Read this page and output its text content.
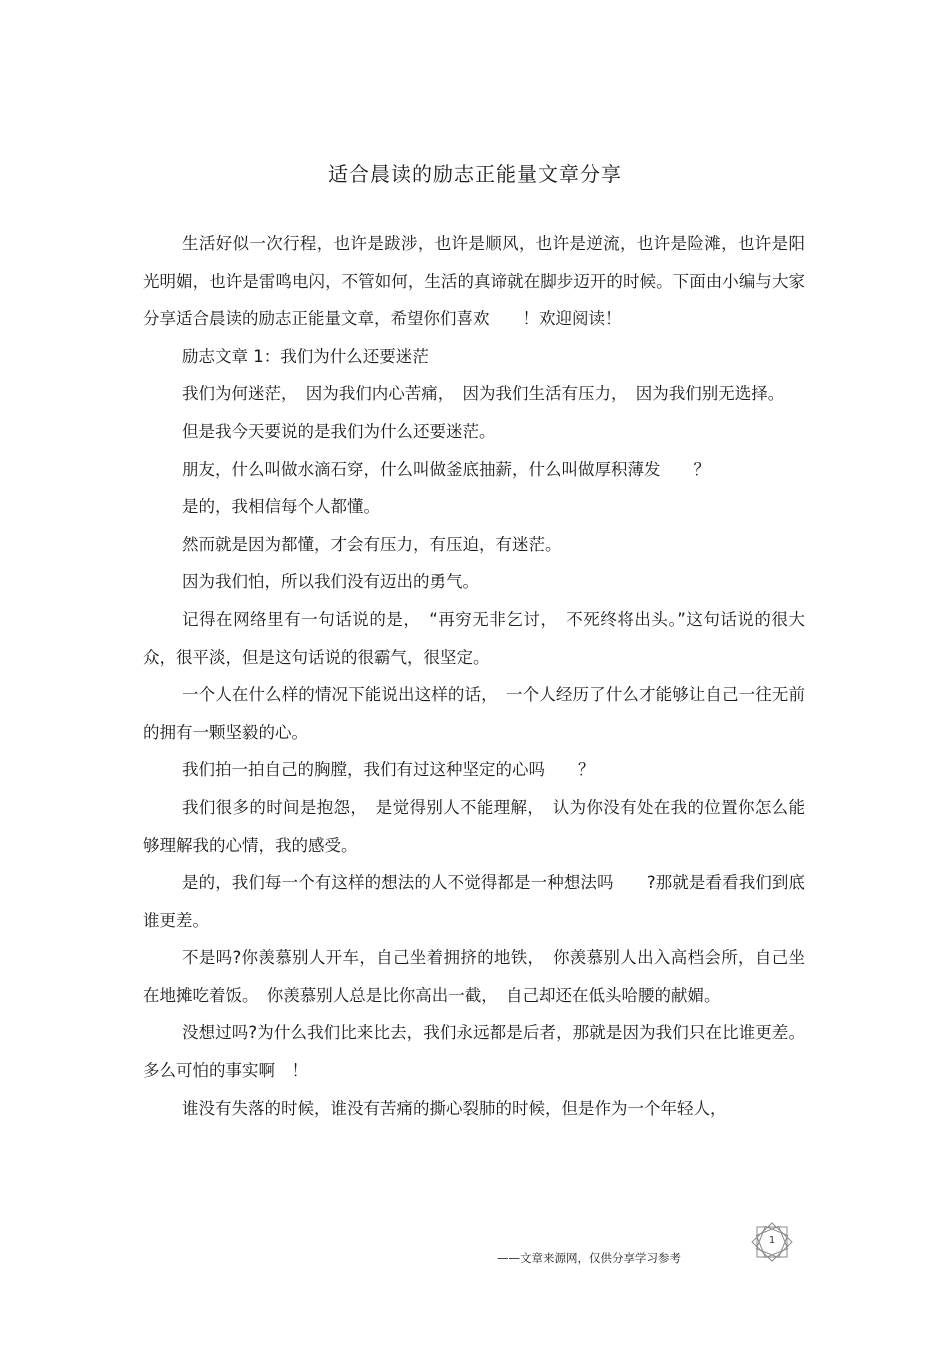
适合晨读的励志正能量文章分享

生活好似一次行程，也许是跋涉，也许是顺风，也许是逆流，也许是险滩，也许是阳光明媚，也许是雷鸣电闪，不管如何，生活的真谛就在脚步迈开的时候。下面由小编与大家分享适合晨读的励志正能量文章，希望你们喜欢　　！欢迎阅读！

励志文章 1：我们为什么还要迷茫

我们为何迷茫，　因为我们内心苦痛，　因为我们生活有压力，　因为我们别无选择。

但是我今天要说的是我们为什么还要迷茫。

朋友，什么叫做水滴石穿，什么叫做釜底抽薪，什么叫做厚积薄发　　？

是的，我相信每个人都懂。

然而就是因为都懂，才会有压力，有压迫，有迷茫。

因为我们怕，所以我们没有迈出的勇气。

记得在网络里有一句话说的是，　“再穷无非乞讨，　不死终将出头。”这句话说的很大众，很平淡，但是这句话说的很霸气，很坚定。

一个人在什么样的情况下能说出这样的话，　一个人经历了什么才能够让自己一往无前的拥有一颗坚毅的心。

我们拍一拍自己的胸膛，我们有过这种坚定的心吗　　？

我们很多的时间是抱怨，　是觉得别人不能理解，　认为你没有处在我的位置你怎么能够理解我的心情，我的感受。

是的，我们每一个有这样的想法的人不觉得都是一种想法吗　　?那就是看看我们到底谁更差。

不是吗?你羡慕别人开车，自己坐着拥挤的地铁，　你羡慕别人出入高档会所，自己坐在地摊吃着饭。　你羡慕别人总是比你高出一截，　自己却还在低头哈腰的献媚。

没想过吗?为什么我们比来比去，我们永远都是后者，那就是因为我们只在比谁更差。多么可怕的事实啊　！

谁没有失落的时候，谁没有苦痛的撕心裂肺的时候，但是作为一个年轻人，

1
——文章来源网，仅供分享学习参考
